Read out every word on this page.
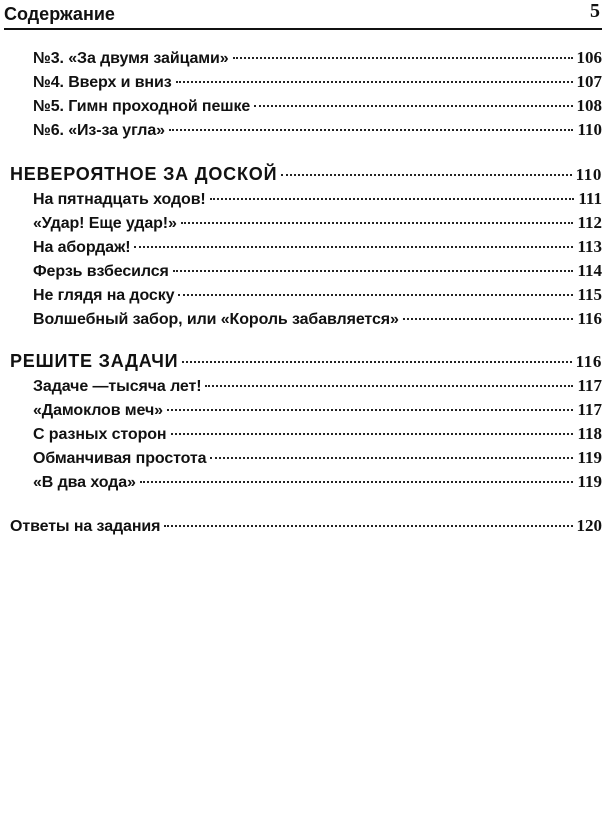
Содержание	5
№3. «За двумя зайцами»	106
№4. Вверх и вниз	107
№5. Гимн проходной пешке	108
№6. «Из-за угла»	110
НЕВЕРОЯТНОЕ ЗА ДОСКОЙ	110
На пятнадцать ходов!	111
«Удар! Еще удар!»	112
На абордаж!	113
Ферзь взбесился	114
Не глядя на доску	115
Волшебный забор, или «Король забавляется»	116
РЕШИТЕ ЗАДАЧИ	116
Задаче —тысяча лет!	117
«Дамоклов меч»	117
С разных сторон	118
Обманчивая простота	119
«В два хода»	119
Ответы на задания	120
